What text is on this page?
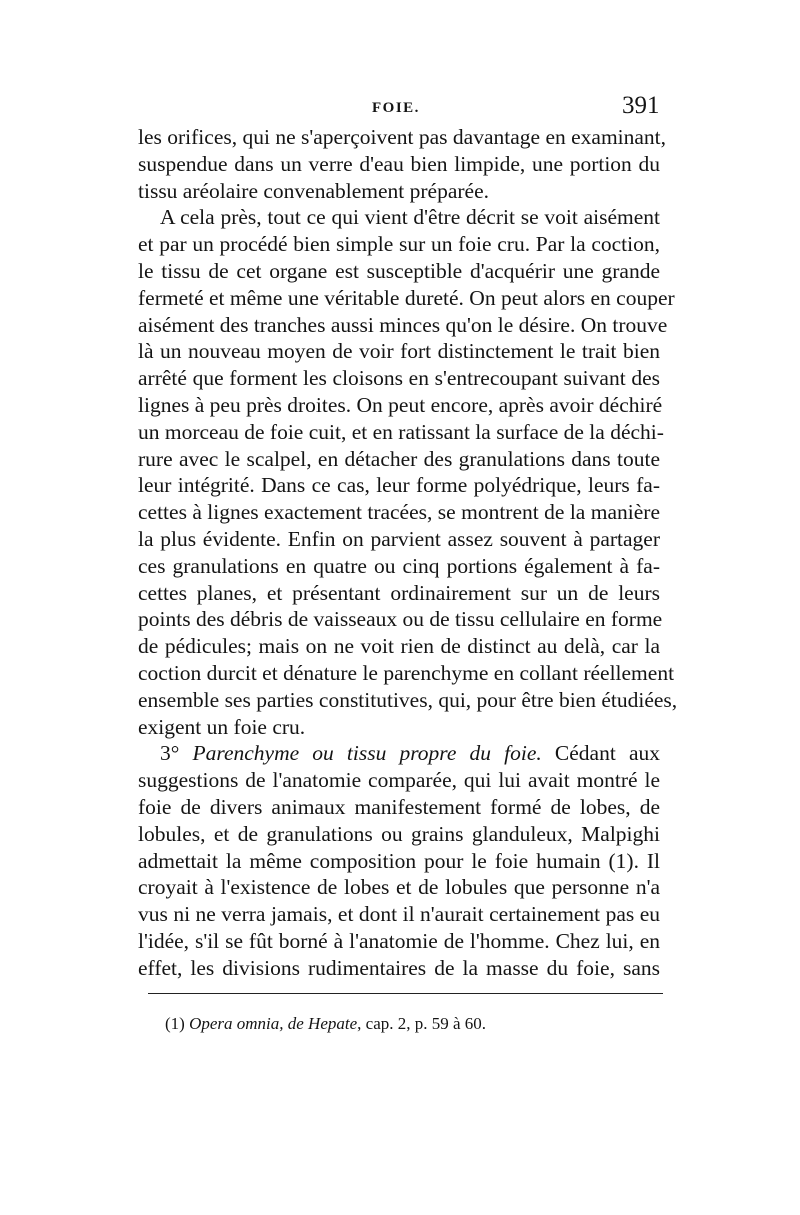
FOIE.	391
les orifices, qui ne s'aperçoivent pas davantage en examinant,
suspendue dans un verre d'eau bien limpide, une portion du
tissu aréolaire convenablement préparée.
A cela près, tout ce qui vient d'être décrit se voit aisément
et par un procédé bien simple sur un foie cru. Par la coction,
le tissu de cet organe est susceptible d'acquérir une grande
fermeté et même une véritable dureté. On peut alors en couper
aisément des tranches aussi minces qu'on le désire. On trouve
là un nouveau moyen de voir fort distinctement le trait bien
arrêté que forment les cloisons en s'entrecoupant suivant des
lignes à peu près droites. On peut encore, après avoir déchiré
un morceau de foie cuit, et en ratissant la surface de la déchi-
rure avec le scalpel, en détacher des granulations dans toute
leur intégrité. Dans ce cas, leur forme polyédrique, leurs fa-
cettes à lignes exactement tracées, se montrent de la manière
la plus évidente. Enfin on parvient assez souvent à partager
ces granulations en quatre ou cinq portions également à fa-
cettes planes, et présentant ordinairement sur un de leurs
points des débris de vaisseaux ou de tissu cellulaire en forme
de pédicules; mais on ne voit rien de distinct au delà, car la
coction durcit et dénature le parenchyme en collant réellement
ensemble ses parties constitutives, qui, pour être bien étudiées,
exigent un foie cru.
3° Parenchyme ou tissu propre du foie. Cédant aux
suggestions de l'anatomie comparée, qui lui avait montré le
foie de divers animaux manifestement formé de lobes, de
lobules, et de granulations ou grains glanduleux, Malpighi
admettait la même composition pour le foie humain (1). Il
croyait à l'existence de lobes et de lobules que personne n'a
vus ni ne verra jamais, et dont il n'aurait certainement pas eu
l'idée, s'il se fût borné à l'anatomie de l'homme. Chez lui, en
effet, les divisions rudimentaires de la masse du foie, sans
(1) Opera omnia, de Hepate, cap. 2, p. 59 à 60.
